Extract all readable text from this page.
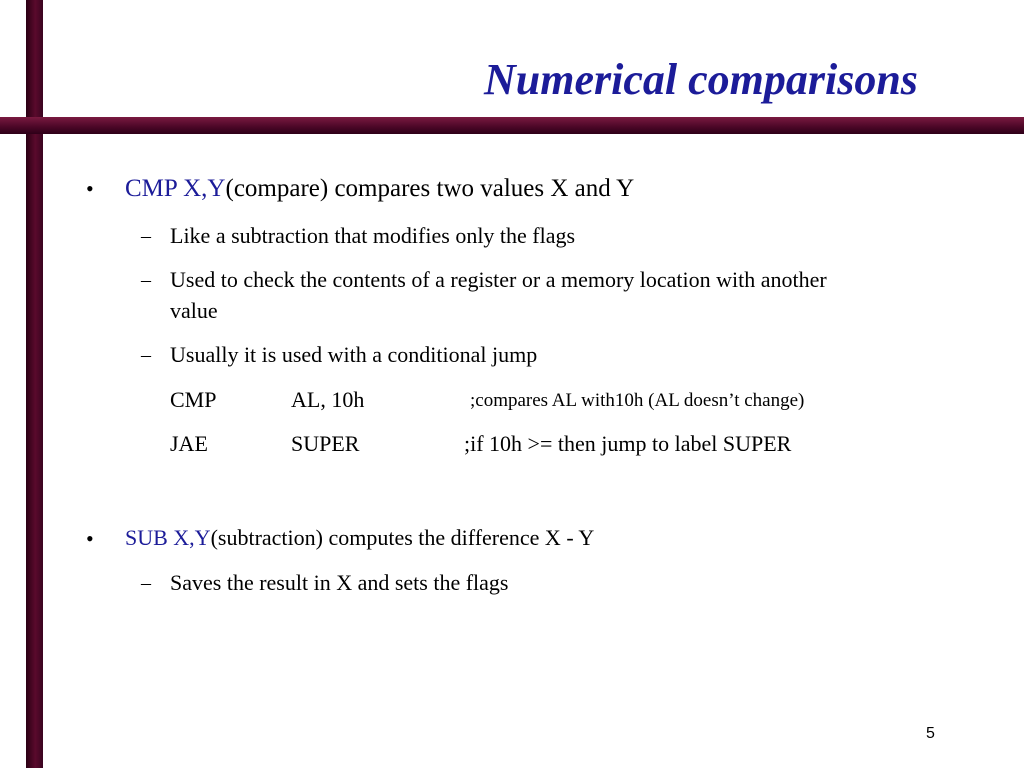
Numerical comparisons
• CMP X,Y(compare) compares two values X and Y
– Like a subtraction that modifies only the flags
– Used to check the contents of a register or a memory location with another
value
– Usually it is used with a conditional jump
CMP	AL, 10h	;compares AL with10h (AL doesn’t change)
JAE	SUPER	;if 10h >= then jump to label SUPER
• SUB X,Y(subtraction) computes the difference X - Y
– Saves the result in X and sets the flags
5
